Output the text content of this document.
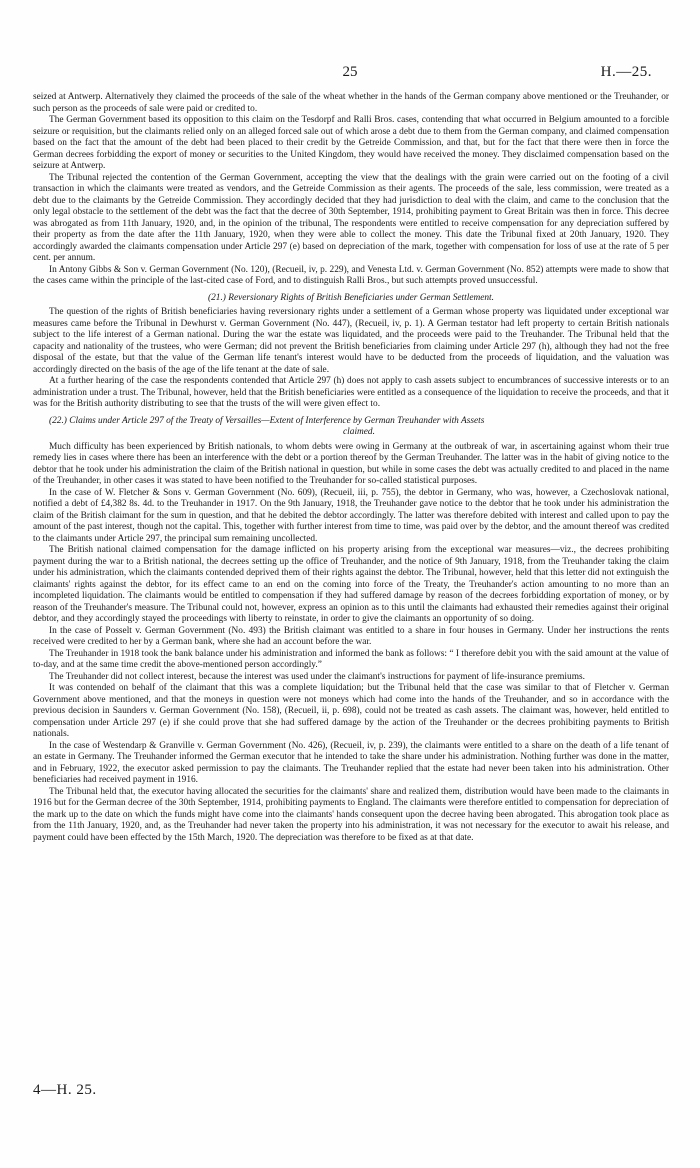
25	H.—25.

seized at Antwerp. Alternatively they claimed the proceeds of the sale of the wheat whether in the hands of the German company above mentioned or the Treuhander, or such person as the proceeds of sale were paid or credited to.

The German Government based its opposition to this claim on the Tesdorpf and Ralli Bros. cases, contending that what occurred in Belgium amounted to a forcible seizure or requisition, but the claimants relied only on an alleged forced sale out of which arose a debt due to them from the German company, and claimed compensation based on the fact that the amount of the debt had been placed to their credit by the Getreide Commission, and that, but for the fact that there were then in force the German decrees forbidding the export of money or securities to the United Kingdom, they would have received the money. They disclaimed compensation based on the seizure at Antwerp.

The Tribunal rejected the contention of the German Government, accepting the view that the dealings with the grain were carried out on the footing of a civil transaction in which the claimants were treated as vendors, and the Getreide Commission as their agents. The proceeds of the sale, less commission, were treated as a debt due to the claimants by the Getreide Commission. They accordingly decided that they had jurisdiction to deal with the claim, and came to the conclusion that the only legal obstacle to the settlement of the debt was the fact that the decree of 30th September, 1914, prohibiting payment to Great Britain was then in force. This decree was abrogated as from 11th January, 1920, and, in the opinion of the tribunal, The respondents were entitled to receive compensation for any depreciation suffered by their property as from the date after the 11th January, 1920, when they were able to collect the money. This date the Tribunal fixed at 20th January, 1920. They accordingly awarded the claimants compensation under Article 297 (e) based on depreciation of the mark, together with compensation for loss of use at the rate of 5 per cent. per annum.

In Antony Gibbs & Son v. German Government (No. 120), (Recueil, iv, p. 229), and Venesta Ltd. v. German Government (No. 852) attempts were made to show that the cases came within the principle of the last-cited case of Ford, and to distinguish Ralli Bros., but such attempts proved unsuccessful.

(21.) Reversionary Rights of British Beneficiaries under German Settlement.

The question of the rights of British beneficiaries having reversionary rights under a settlement of a German whose property was liquidated under exceptional war measures came before the Tribunal in Dewhurst v. German Government (No. 447), (Recueil, iv, p. 1). A German testator had left property to certain British nationals subject to the life interest of a German national. During the war the estate was liquidated, and the proceeds were paid to the Treuhander. The Tribunal held that the capacity and nationality of the trustees, who were German; did not prevent the British beneficiaries from claiming under Article 297 (h), although they had not the free disposal of the estate, but that the value of the German life tenant's interest would have to be deducted from the proceeds of liquidation, and the valuation was accordingly directed on the basis of the age of the life tenant at the date of sale.

At a further hearing of the case the respondents contended that Article 297 (h) does not apply to cash assets subject to encumbrances of successive interests or to an administration under a trust. The Tribunal, however, held that the British beneficiaries were entitled as a consequence of the liquidation to receive the proceeds, and that it was for the British authority distributing to see that the trusts of the will were given effect to.

(22.) Claims under Article 297 of the Treaty of Versailles—Extent of Interference by German Treuhander with Assets
claimed.

Much difficulty has been experienced by British nationals, to whom debts were owing in Germany at the outbreak of war, in ascertaining against whom their true remedy lies in cases where there has been an interference with the debt or a portion thereof by the German Treuhander. The latter was in the habit of giving notice to the debtor that he took under his administration the claim of the British national in question, but while in some cases the debt was actually credited to and placed in the name of the Treuhander, in other cases it was stated to have been notified to the Treuhander for so-called statistical purposes.

In the case of W. Fletcher & Sons v. German Government (No. 609), (Recueil, iii, p. 755), the debtor in Germany, who was, however, a Czechoslovak national, notified a debt of £4,382 8s. 4d. to the Treuhander in 1917. On the 9th January, 1918, the Treuhander gave notice to the debtor that he took under his administration the claim of the British claimant for the sum in question, and that he debited the debtor accordingly. The latter was therefore debited with interest and called upon to pay the amount of the past interest, though not the capital. This, together with further interest from time to time, was paid over by the debtor, and the amount thereof was credited to the claimants under Article 297, the principal sum remaining uncollected.

The British national claimed compensation for the damage inflicted on his property arising from the exceptional war measures—viz., the decrees prohibiting payment during the war to a British national, the decrees setting up the office of Treuhander, and the notice of 9th January, 1918, from the Treuhander taking the claim under his administration, which the claimants contended deprived them of their rights against the debtor. The Tribunal, however, held that this letter did not extinguish the claimants' rights against the debtor, for its effect came to an end on the coming into force of the Treaty, the Treuhander's action amounting to no more than an incompleted liquidation. The claimants would be entitled to compensation if they had suffered damage by reason of the decrees forbidding exportation of money, or by reason of the Treuhander's measure. The Tribunal could not, however, express an opinion as to this until the claimants had exhausted their remedies against their original debtor, and they accordingly stayed the proceedings with liberty to reinstate, in order to give the claimants an opportunity of so doing.

In the case of Posselt v. German Government (No. 493) the British claimant was entitled to a share in four houses in Germany. Under her instructions the rents received were credited to her by a German bank, where she had an account before the war.

The Treuhander in 1918 took the bank balance under his administration and informed the bank as follows: “ I therefore debit you with the said amount at the value of to-day, and at the same time credit the above-mentioned person accordingly.”

The Treuhander did not collect interest, because the interest was used under the claimant's instructions for payment of life-insurance premiums.

It was contended on behalf of the claimant that this was a complete liquidation; but the Tribunal held that the case was similar to that of Fletcher v. German Government above mentioned, and that the moneys in question were not moneys which had come into the hands of the Treuhander, and so in accordance with the previous decision in Saunders v. German Government (No. 158), (Recueil, ii, p. 698), could not be treated as cash assets. The claimant was, however, held entitled to compensation under Article 297 (e) if she could prove that she had suffered damage by the action of the Treuhander or the decrees prohibiting payments to British nationals.

In the case of Westendarp & Granville v. German Government (No. 426), (Recueil, iv, p. 239), the claimants were entitled to a share on the death of a life tenant of an estate in Germany. The Treuhander informed the German executor that he intended to take the share under his administration. Nothing further was done in the matter, and in February, 1922, the executor asked permission to pay the claimants. The Treuhander replied that the estate had never been taken into his administration. Other beneficiaries had received payment in 1916.

The Tribunal held that, the executor having allocated the securities for the claimants' share and realized them, distribution would have been made to the claimants in 1916 but for the German decree of the 30th September, 1914, prohibiting payments to England. The claimants were therefore entitled to compensation for depreciation of the mark up to the date on which the funds might have come into the claimants' hands consequent upon the decree having been abrogated. This abrogation took place as from the 11th January, 1920, and, as the Treuhander had never taken the property into his administration, it was not necessary for the executor to await his release, and payment could have been effected by the 15th March, 1920. The depreciation was therefore to be fixed as at that date.

4—H. 25.
